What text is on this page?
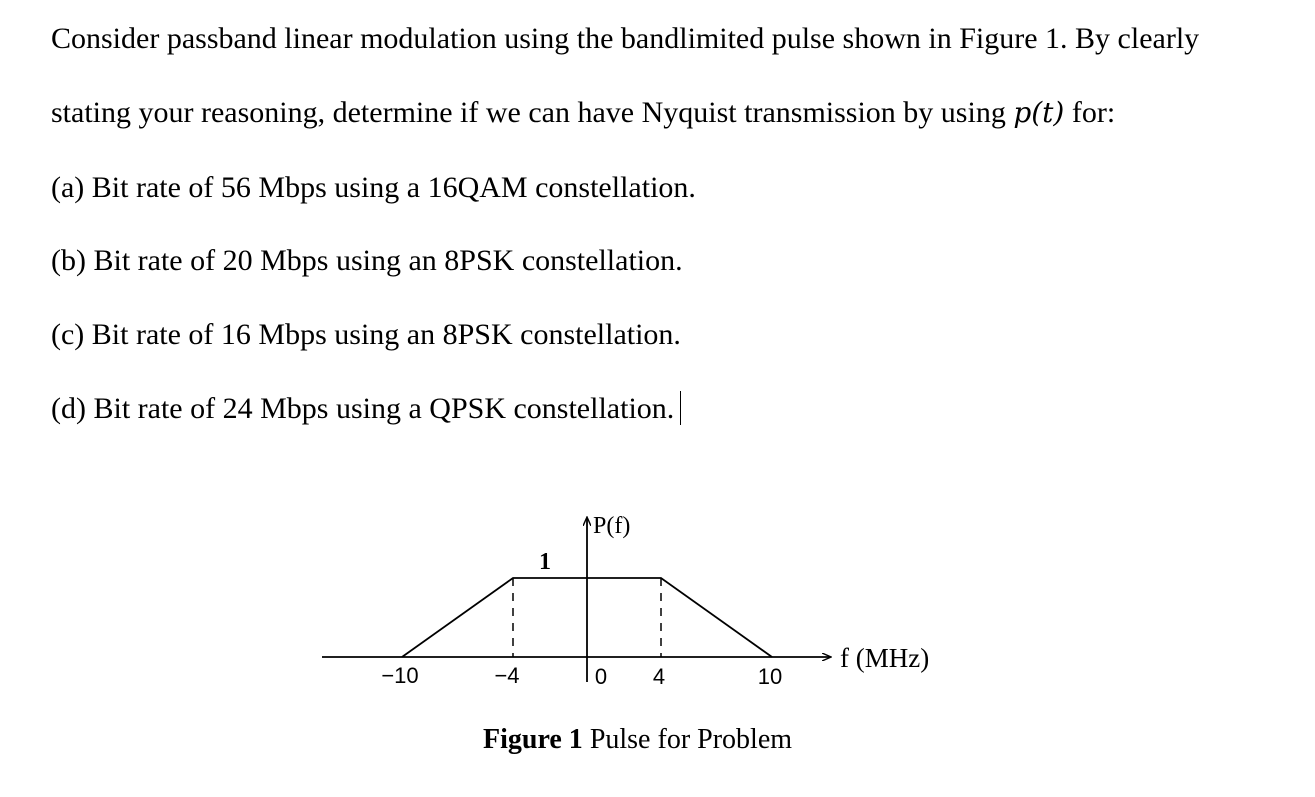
Consider passband linear modulation using the bandlimited pulse shown in Figure 1. By clearly
stating your reasoning, determine if we can have Nyquist transmission by using p(t) for:
(a) Bit rate of 56 Mbps using a 16QAM constellation.
(b) Bit rate of 20 Mbps using an 8PSK constellation.
(c) Bit rate of 16 Mbps using an 8PSK constellation.
(d) Bit rate of 24 Mbps using a QPSK constellation.
P(f)
f (MHz)
1
−10	−4	0 4	10
Figure 1 Pulse for Problem
